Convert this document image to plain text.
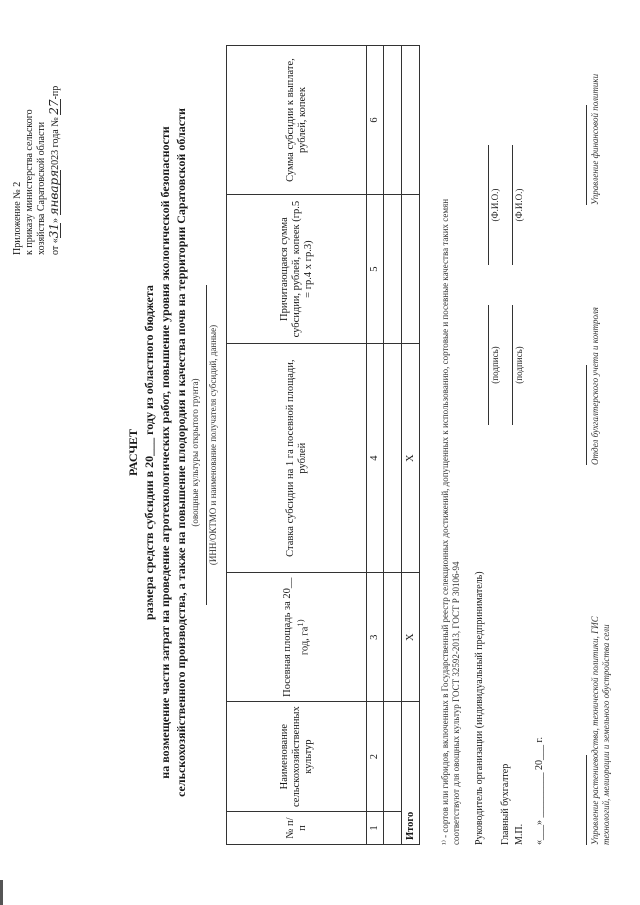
Приложение № 2 к приказу министерства сельского хозяйства Саратовской области от «31» января2023 года № 27-пр
РАСЧЕТ размера средств субсидии в 20___ году из областного бюджета на возмещение части затрат на проведение агротехнологических работ, повышение уровня экологической безопасности сельскохозяйственного производства, а также на повышение плодородия и качества почв на территории Саратовской области (овощные культуры открытого грунта) (ИНН/ОКТМО и наименование получателя субсидий, данные)
№ п/п	Наименование сельскохозяйственных культур	Посевная площадь за 20__ год, $га^{1)}$	Ставка субсидии на 1 га посевной площади, рублей	Причитающаяся сумма субсидии, рублей, копеек (гр.5 = гр.4 х гр.3)	Сумма субсидии к выплате, рублей, копеек
1	2	3	4	5	6

Итого		X	X			¹⁾ - сортов или гибридов, включенных в Государственный реестр селекционных достижений, допущенных к использованию, сортовые и посевные качества таких семян соответствуют для овощных культур ГОСТ 32592-2013, ГОСТ Р 30106-94 Руководитель организации (индивидуальный предприниматель)
(подпись)
(Ф.И.О.)
Главный бухгалтер М.П.
(подпись)
(Ф.И.О.)
«___» _________ 20___ г.	Управление растениеводства, технической политики, ГИС технологий, мелиорации и земельного обустройства сели
Отдел бухгалтерского учета и контроля
Управление финансовой политики
